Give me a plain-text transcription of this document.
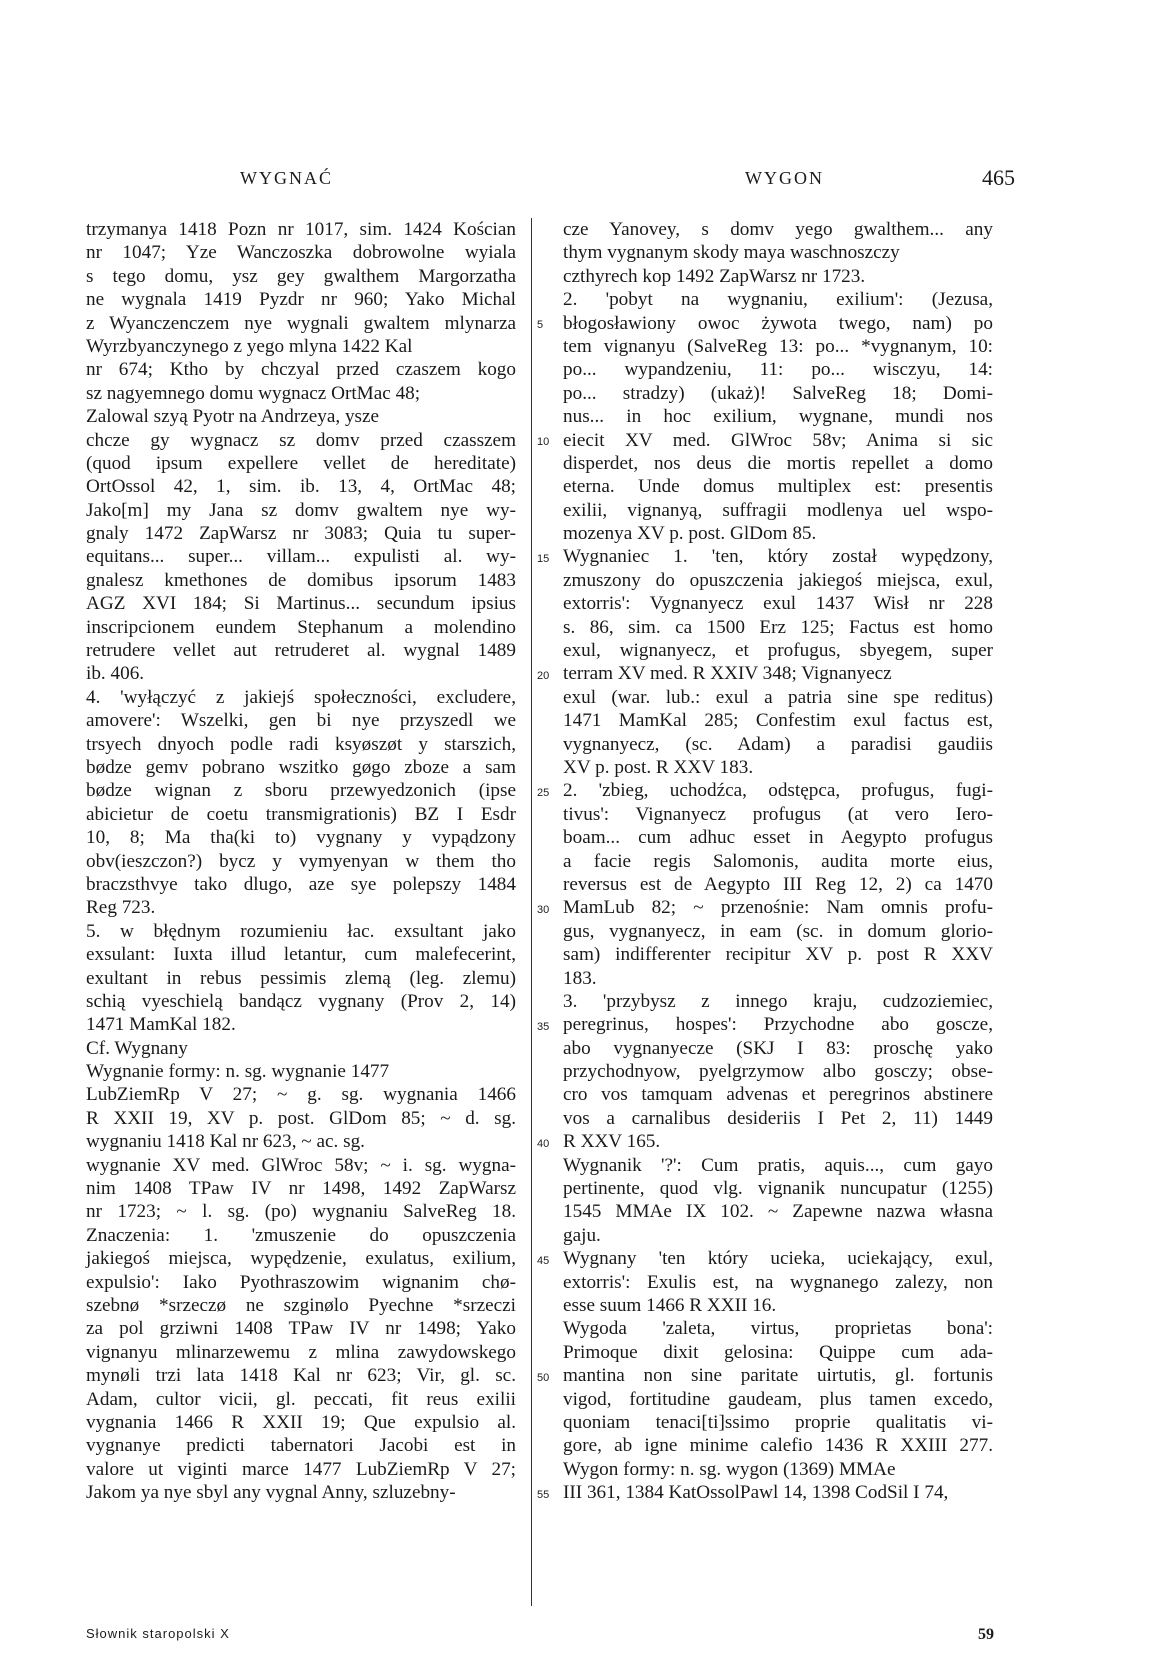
WYGNAĆ	WYGON	465
trzymanya 1418 Pozn nr 1017, sim. 1424 Kościan
nr 1047; Yze Wanczoszka dobrowolne wyiala
s tego domu, ysz gey gwalthem Margorzatha
ne wygnala 1419 Pyzdr nr 960; Yako Michal
z Wyanczenczem nye wygnali gwaltem mlynarza
Wyrzbyanczynego z yego mlyna 1422 Kal
nr 674; Ktho by chczyal przed czaszem kogo
sz nagyemnego domu wygnacz OrtMac 48;
Zalowal szyą Pyotr na Andrzeya, ysze
chcze gy wygnacz sz domv przed czasszem
(quod ipsum expellere vellet de hereditate)
OrtOssol 42, 1, sim. ib. 13, 4, OrtMac 48;
Jako[m] my Jana sz domv gwaltem nye wy-
gnaly 1472 ZapWarsz nr 3083; Quia tu super-
equitans... super... villam... expulisti al. wy-
gnalesz kmethones de domibus ipsorum 1483
AGZ XVI 184; Si Martinus... secundum ipsius
inscripcionem eundem Stephanum a molendino
retrudere vellet aut retruderet al. wygnal 1489
ib. 406.
4. 'wyłączyć z jakiejś społeczności, excludere,
amovere': Wszelki, gen bi nye przyszedl we
trsyech dnyoch podle radi ksyøszøt y starszich,
bødze gemv pobrano wszitko gøgo zboze a sam
bødze wignan z sboru przewyedzonich (ipse
abicietur de coetu transmigrationis) BZ I Esdr
10, 8; Ma tha(ki to) vygnany y vypądzony
obv(ieszczon?) bycz y vymyenyan w them tho
braczsthvye tako dlugo, aze sye polepszy 1484
Reg 723.
5. w błędnym rozumieniu łac. exsultant jako
exsulant: Iuxta illud letantur, cum malefecerint,
exultant in rebus pessimis zlemą (leg. zlemu)
schią vyeschielą bandącz vygnany (Prov 2, 14)
1471 MamKal 182.
Cf. Wygnany
Wygnanie formy: n. sg. wygnanie 1477
LubZiemRp V 27; ~ g. sg. wygnania 1466
R XXII 19, XV p. post. GlDom 85; ~ d. sg.
wygnaniu 1418 Kal nr 623, ~ ac. sg.
wygnanie XV med. GlWroc 58v; ~ i. sg. wygna-
nim 1408 TPaw IV nr 1498, 1492 ZapWarsz
nr 1723; ~ l. sg. (po) wygnaniu SalveReg 18.
Znaczenia: 1. 'zmuszenie do opuszczenia
jakiegoś miejsca, wypędzenie, exulatus, exilium,
expulsio': Iako Pyothraszowim wignanim chø-
szebnø *srzeczø ne szginølo Pyechne *srzeczi
za pol grziwni 1408 TPaw IV nr 1498; Yako
vignanyu mlinarzewemu z mlina zawydowskego
mynøli trzi lata 1418 Kal nr 623; Vir, gl. sc.
Adam, cultor vicii, gl. peccati, fit reus exilii
vygnania 1466 R XXII 19; Que expulsio al.
vygnanye predicti tabernatori Jacobi est in
valore ut viginti marce 1477 LubZiemRp V 27;
Jakom ya nye sbyl any vygnal Anny, szluzebny-
5
10
15
20
25
30
35
40
45
50
55
cze Yanovey, s domv yego gwalthem... any
thym vygnanym skody maya waschnoszczy
czthyrech kop 1492 ZapWarsz nr 1723.
2. 'pobyt na wygnaniu, exilium': (Jezusa,
błogosławiony owoc żywota twego, nam) po
tem vignanyu (SalveReg 13: po... *vygnanym, 10:
po... wypandzeniu, 11: po... wisczyu, 14:
po... stradzy) (ukaż)! SalveReg 18; Domi-
nus... in hoc exilium, wygnane, mundi nos
eiecit XV med. GlWroc 58v; Anima si sic
disperdet, nos deus die mortis repellet a domo
eterna. Unde domus multiplex est: presentis
exilii, vignanyą, suffragii modlenya uel wspo-
mozenya XV p. post. GlDom 85.
Wygnaniec 1. 'ten, który został wypędzony,
zmuszony do opuszczenia jakiegoś miejsca, exul,
extorris': Vygnanyecz exul 1437 Wisł nr 228
s. 86, sim. ca 1500 Erz 125; Factus est homo
exul, wignanyecz, et profugus, sbyegem, super
terram XV med. R XXIV 348; Vignanyecz
exul (war. lub.: exul a patria sine spe reditus)
1471 MamKal 285; Confestim exul factus est,
vygnanyecz, (sc. Adam) a paradisi gaudiis
XV p. post. R XXV 183.
2. 'zbieg, uchodźca, odstępca, profugus, fugi-
tivus': Vignanyecz profugus (at vero Iero-
boam... cum adhuc esset in Aegypto profugus
a facie regis Salomonis, audita morte eius,
reversus est de Aegypto III Reg 12, 2) ca 1470
MamLub 82; ~ przenośnie: Nam omnis profu-
gus, vygnanyecz, in eam (sc. in domum glorio-
sam) indifferenter recipitur XV p. post R XXV
183.
3. 'przybysz z innego kraju, cudzoziemiec,
peregrinus, hospes': Przychodne abo goscze,
abo vygnanyecze (SKJ I 83: proschę yako
przychodnyow, pyelgrzymow albo gosczy; obse-
cro vos tamquam advenas et peregrinos abstinere
vos a carnalibus desideriis I Pet 2, 11) 1449
R XXV 165.
Wygnanik '?': Cum pratis, aquis..., cum gayo
pertinente, quod vlg. vignanik nuncupatur (1255)
1545 MMAe IX 102. ~ Zapewne nazwa własna
gaju.
Wygnany 'ten który ucieka, uciekający, exul,
extorris': Exulis est, na wygnanego zalezy, non
esse suum 1466 R XXII 16.
Wygoda 'zaleta, virtus, proprietas bona':
Primoque dixit gelosina: Quippe cum ada-
mantina non sine paritate uirtutis, gl. fortunis
vigod, fortitudine gaudeam, plus tamen excedo,
quoniam tenaci[ti]ssimo proprie qualitatis vi-
gore, ab igne minime calefio 1436 R XXIII 277.
Wygon formy: n. sg. wygon (1369) MMAe
III 361, 1384 KatOssolPawl 14, 1398 CodSil I 74,
Słownik staropolski X	59
